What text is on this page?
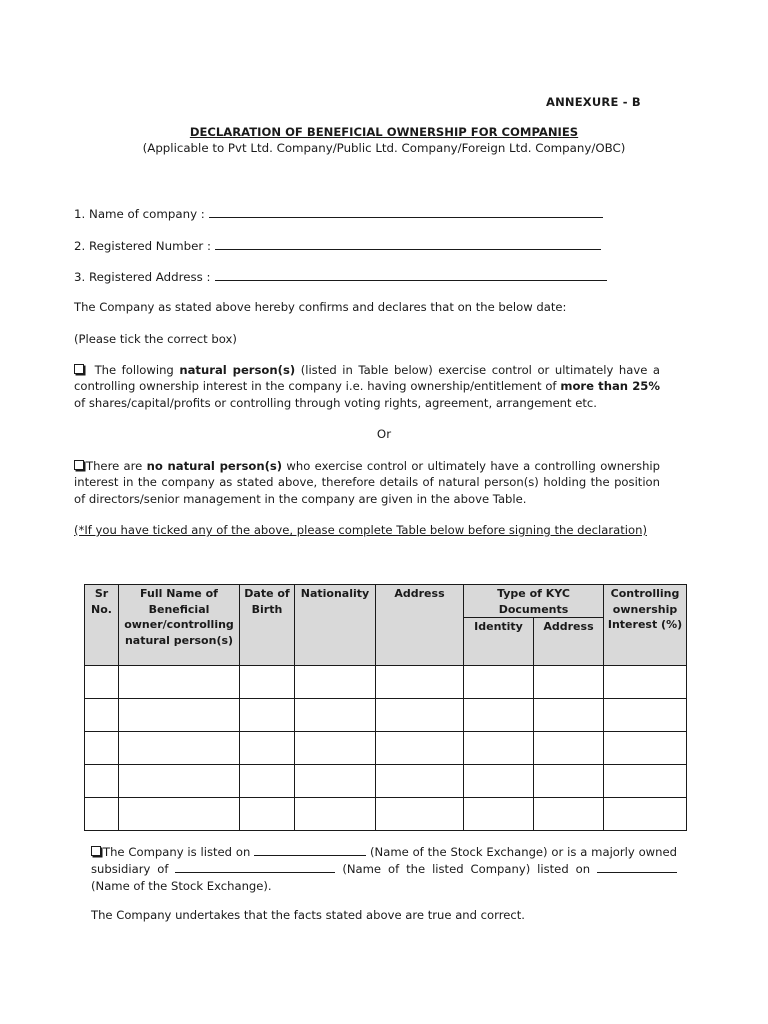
ANNEXURE - B
DECLARATION OF BENEFICIAL OWNERSHIP FOR COMPANIES
(Applicable to Pvt Ltd. Company/Public Ltd. Company/Foreign Ltd. Company/OBC)
1. Name of company :
2. Registered Number :
3. Registered Address :
The Company as stated above hereby confirms and declares that on the below date:
(Please tick the correct box)
The following natural person(s) (listed in Table below) exercise control or ultimately have a controlling ownership interest in the company i.e. having ownership/entitlement of more than 25% of shares/capital/profits or controlling through voting rights, agreement, arrangement etc.
Or
There are no natural person(s) who exercise control or ultimately have a controlling ownership interest in the company as stated above, therefore details of natural person(s) holding the position of directors/senior management in the company are given in the above Table.
(*If you have ticked any of the above, please complete Table below before signing the declaration)
Sr No.	Full Name of Beneficial owner/controlling natural person(s)	Date of Birth	Nationality	Address	Type of KYC Documents		Controlling ownership Interest (%)
					Identity	Address	

The Company is listed on	(Name of the Stock Exchange) or is a majorly owned subsidiary of	(Name of the listed Company) listed on  (Name of the Stock Exchange).
The Company undertakes that the facts stated above are true and correct.
